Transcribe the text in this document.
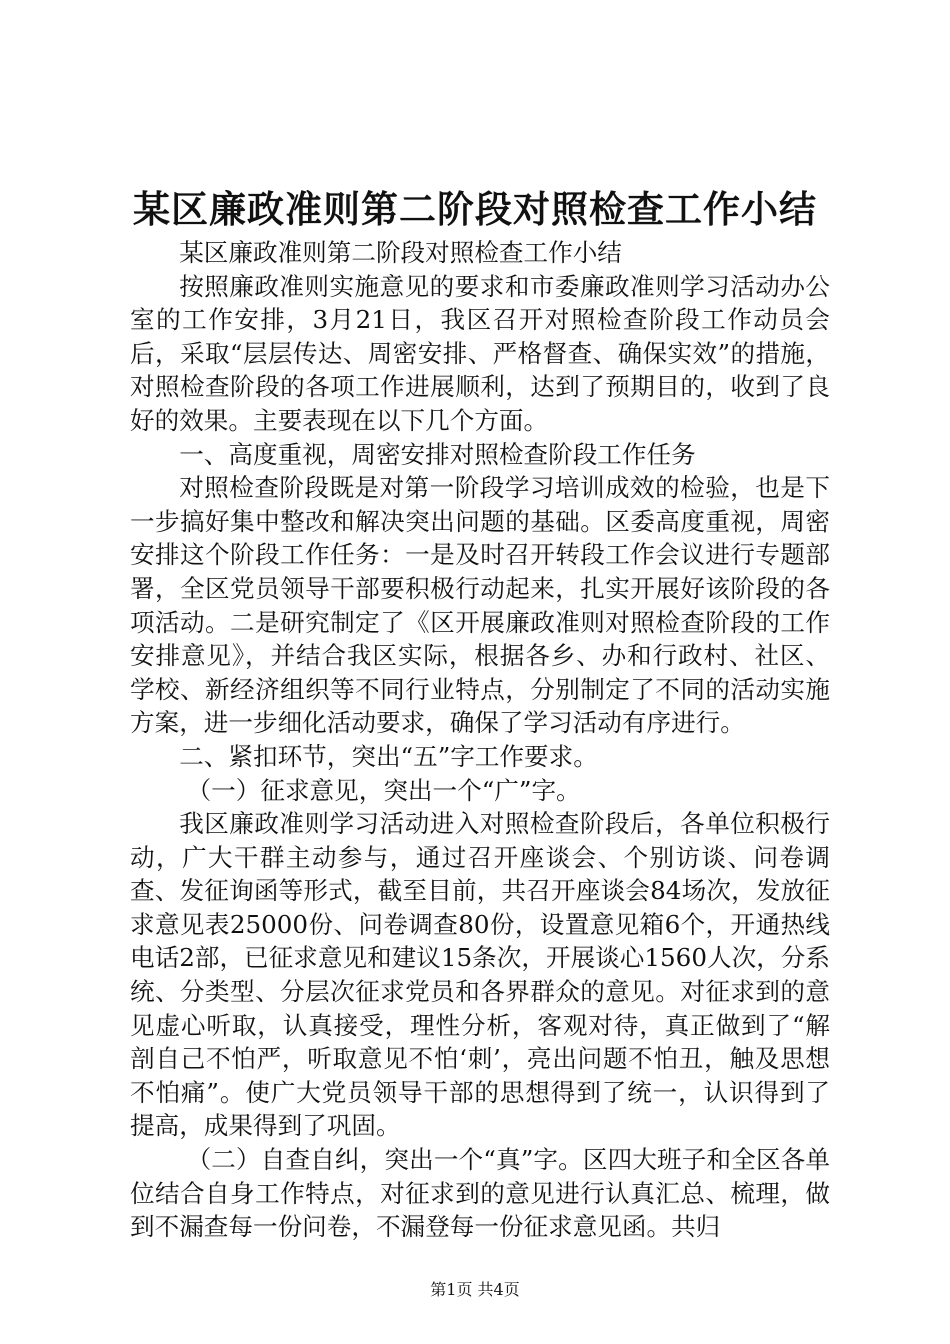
某区廉政准则第二阶段对照检查工作小结

某区廉政准则第二阶段对照检查工作小结

按照廉政准则实施意见的要求和市委廉政准则学习活动办公室的工作安排，3月21日，我区召开对照检查阶段工作动员会后，采取“层层传达、周密安排、严格督查、确保实效”的措施，对照检查阶段的各项工作进展顺利，达到了预期目的，收到了良好的效果。主要表现在以下几个方面。

一、高度重视，周密安排对照检查阶段工作任务

对照检查阶段既是对第一阶段学习培训成效的检验，也是下一步搞好集中整改和解决突出问题的基础。区委高度重视，周密安排这个阶段工作任务：一是及时召开转段工作会议进行专题部署，全区党员领导干部要积极行动起来，扎实开展好该阶段的各项活动。二是研究制定了《区开展廉政准则对照检查阶段的工作安排意见》，并结合我区实际，根据各乡、办和行政村、社区、学校、新经济组织等不同行业特点，分别制定了不同的活动实施方案，进一步细化活动要求，确保了学习活动有序进行。

二、紧扣环节，突出“五”字工作要求。

（一）征求意见，突出一个“广”字。

我区廉政准则学习活动进入对照检查阶段后，各单位积极行动，广大干群主动参与，通过召开座谈会、个别访谈、问卷调查、发征询函等形式，截至目前，共召开座谈会84场次，发放征求意见表25000份、问卷调查80份，设置意见箱6个，开通热线电话2部，已征求意见和建议15条次，开展谈心1560人次，分系统、分类型、分层次征求党员和各界群众的意见。对征求到的意见虚心听取，认真接受，理性分析，客观对待，真正做到了“解剖自己不怕严，听取意见不怕‘刺’，亮出问题不怕丑，触及思想不怕痛”。使广大党员领导干部的思想得到了统一，认识得到了提高，成果得到了巩固。

（二）自查自纠，突出一个“真”字。区四大班子和全区各单位结合自身工作特点，对征求到的意见进行认真汇总、梳理，做到不漏查每一份问卷，不漏登每一份征求意见函。共归

第1页 共4页
